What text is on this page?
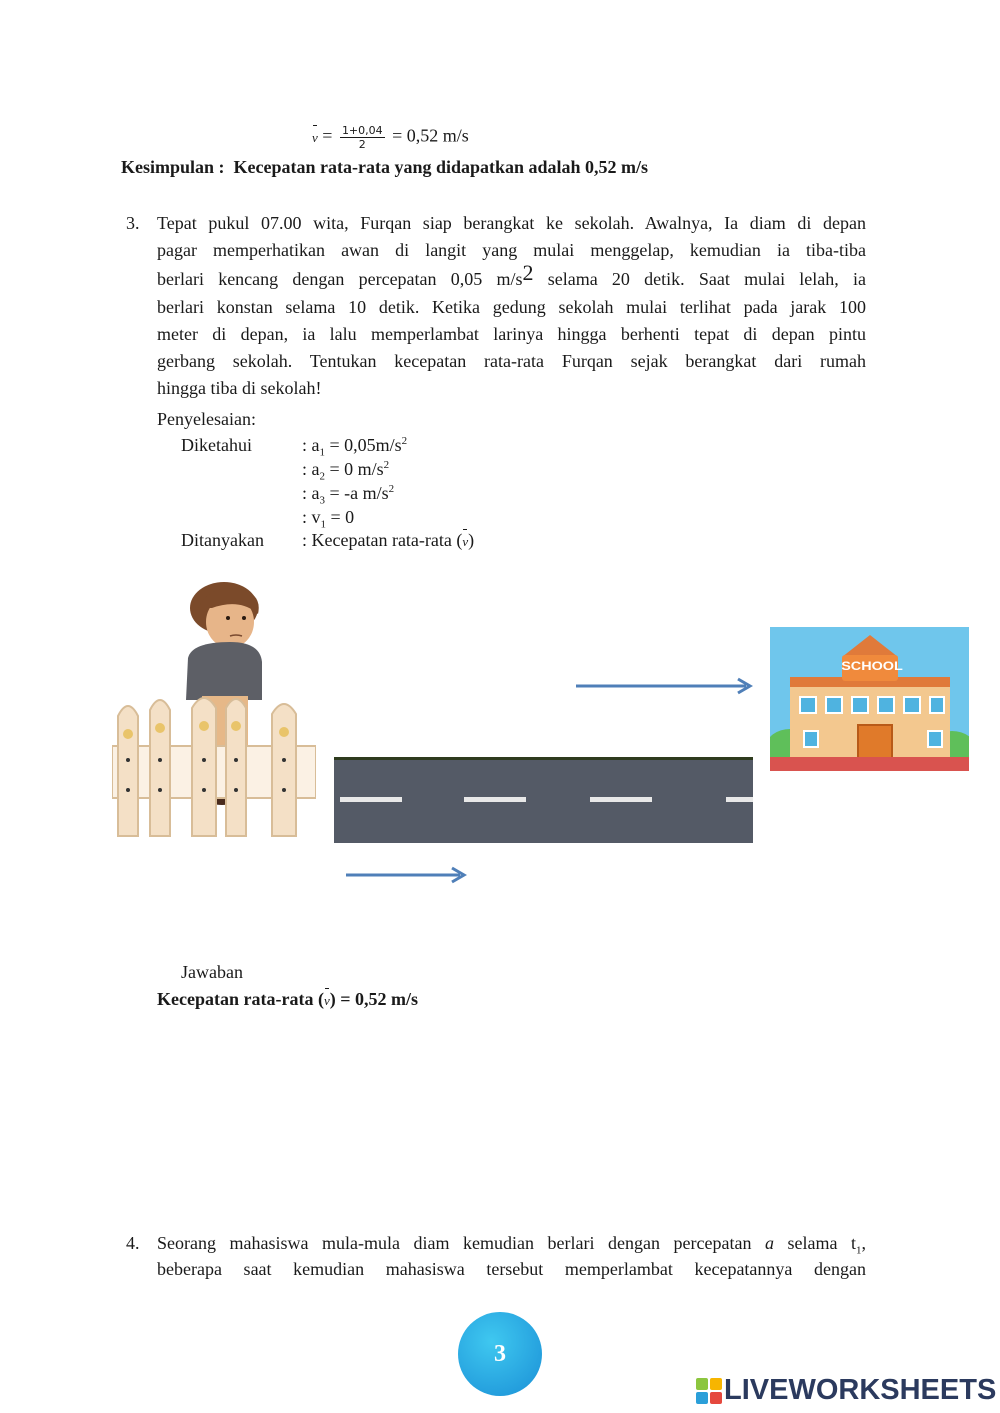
$v = \frac{1+0,04}{2} = 0,52$ m/s
Kesimpulan : Kecepatan rata-rata yang didapatkan adalah 0,52 m/s
3. Tepat pukul 07.00 wita, Furqan siap berangkat ke sekolah. Awalnya, Ia diam di depan
pagar memperhatikan awan di langit yang mulai menggelap, kemudian ia tiba-tiba
berlari kencang dengan percepatan 0,05 m/s2 selama 20 detik. Saat mulai lelah, ia
berlari konstan selama 10 detik. Ketika gedung sekolah mulai terlihat pada jarak 100
meter di depan, ia lalu memperlambat larinya hingga berhenti tepat di depan pintu
gerbang sekolah. Tentukan kecepatan rata-rata Furqan sejak berangkat dari rumah
hingga tiba di sekolah!
Penyelesaian:
Diketahui	: $a_1 = 0,05m/s^2$
: $a_2 = 0$ $m/s^2$
: $a_3 = -a$ $m/s^2$
: $v_1 = 0$
Ditanyakan : Kecepatan rata-rata (v)
SCHOOL
Jawaban
Kecepatan rata-rata (v) = 0,52 m/s
4. Seorang mahasiswa mula-mula diam kemudian berlari dengan percepatan a selama $t_1$,
beberapa saat kemudian mahasiswa tersebut memperlambat kecepatannya dengan
3
LIVEWORKSHEETS
